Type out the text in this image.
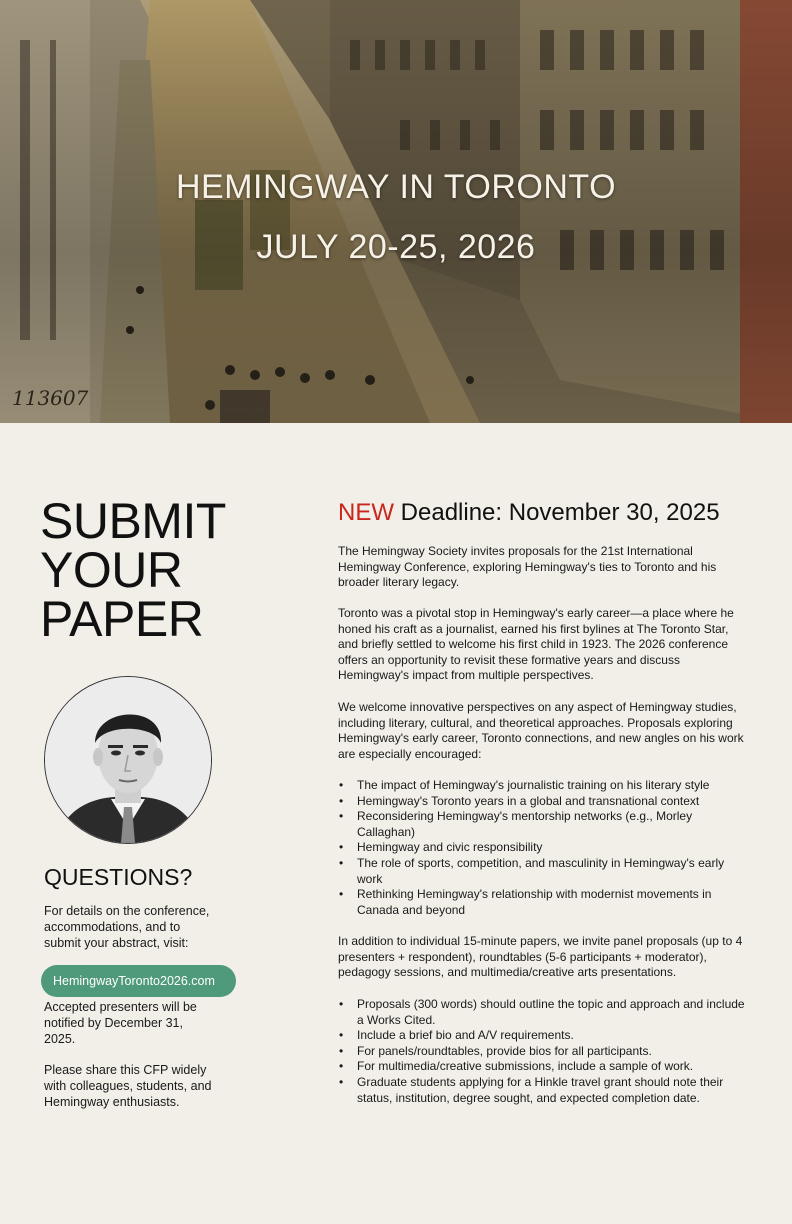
HEMINGWAY IN TORONTO
JULY 20-25, 2026
113607
SUBMIT
YOUR
PAPER
QUESTIONS?
For details on the conference, accommodations, and to submit your abstract, visit:
HemingwayToronto2026.com
Accepted presenters will be notified by December 31, 2025.
Please share this CFP widely with colleagues, students, and Hemingway enthusiasts.
NEW Deadline: November 30, 2025

The Hemingway Society invites proposals for the 21st International Hemingway Conference, exploring Hemingway's ties to Toronto and his broader literary legacy.

Toronto was a pivotal stop in Hemingway's early career—a place where he honed his craft as a journalist, earned his first bylines at The Toronto Star, and briefly settled to welcome his first child in 1923. The 2026 conference offers an opportunity to revisit these formative years and discuss Hemingway's impact from multiple perspectives.

We welcome innovative perspectives on any aspect of Hemingway studies, including literary, cultural, and theoretical approaches. Proposals exploring Hemingway's early career, Toronto connections, and new angles on his work are especially encouraged:

• The impact of Hemingway's journalistic training on his literary style
• Hemingway's Toronto years in a global and transnational context
• Reconsidering Hemingway's mentorship networks (e.g., Morley Callaghan)
• Hemingway and civic responsibility
• The role of sports, competition, and masculinity in Hemingway's early work
• Rethinking Hemingway's relationship with modernist movements in Canada and beyond

In addition to individual 15-minute papers, we invite panel proposals (up to 4 presenters + respondent), roundtables (5-6 participants + moderator), pedagogy sessions, and multimedia/creative arts presentations.

• Proposals (300 words) should outline the topic and approach and include a Works Cited.
• Include a brief bio and A/V requirements.
• For panels/roundtables, provide bios for all participants.
• For multimedia/creative submissions, include a sample of work.
• Graduate students applying for a Hinkle travel grant should note their status, institution, degree sought, and expected completion date.
